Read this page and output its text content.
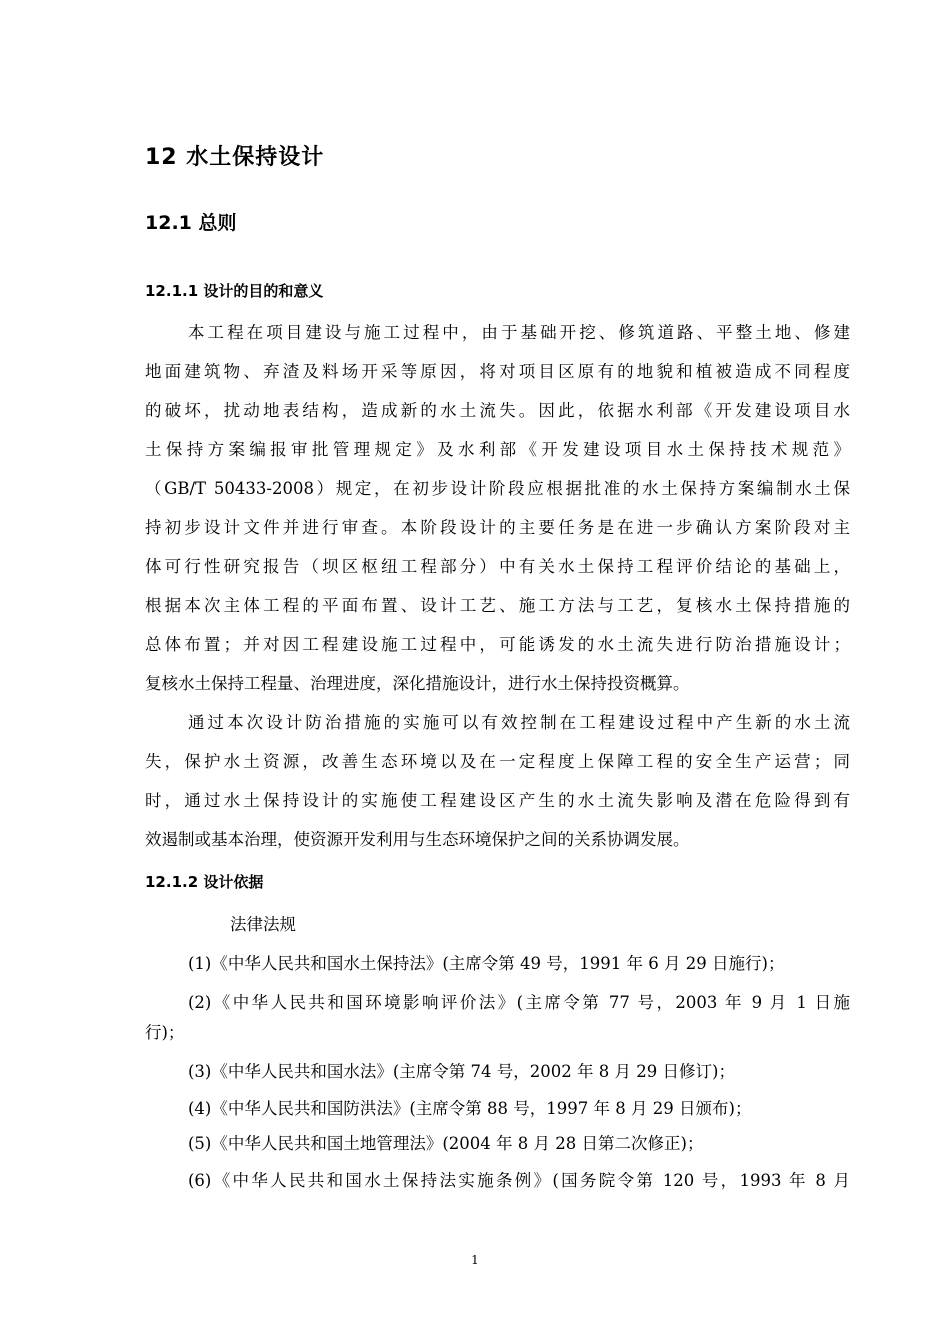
12 水土保持设计
12.1 总则
12.1.1 设计的目的和意义
本工程在项目建设与施工过程中，由于基础开挖、修筑道路、平整土地、修建
地面建筑物、弃渣及料场开采等原因，将对项目区原有的地貌和植被造成不同程度
的破坏，扰动地表结构，造成新的水土流失。因此，依据水利部《开发建设项目水
土保持方案编报审批管理规定》及水利部《开发建设项目水土保持技术规范》
（GB/T 50433-2008）规定，在初步设计阶段应根据批准的水土保持方案编制水土保
持初步设计文件并进行审查。本阶段设计的主要任务是在进一步确认方案阶段对主
体可行性研究报告（坝区枢纽工程部分）中有关水土保持工程评价结论的基础上，
根据本次主体工程的平面布置、设计工艺、施工方法与工艺，复核水土保持措施的
总体布置；并对因工程建设施工过程中，可能诱发的水土流失进行防治措施设计；
复核水土保持工程量、治理进度，深化措施设计，进行水土保持投资概算。
通过本次设计防治措施的实施可以有效控制在工程建设过程中产生新的水土流
失，保护水土资源，改善生态环境以及在一定程度上保障工程的安全生产运营；同
时，通过水土保持设计的实施使工程建设区产生的水土流失影响及潜在危险得到有
效遏制或基本治理，使资源开发利用与生态环境保护之间的关系协调发展。
12.1.2 设计依据
法律法规
(1)《中华人民共和国水土保持法》(主席令第 49 号，1991 年 6 月 29 日施行)；
(2)《中华人民共和国环境影响评价法》(主席令第 77 号，2003 年 9 月 1 日施
行)；
(3)《中华人民共和国水法》(主席令第 74 号，2002 年 8 月 29 日修订)；
(4)《中华人民共和国防洪法》(主席令第 88 号，1997 年 8 月 29 日颁布)；
(5)《中华人民共和国土地管理法》(2004 年 8 月 28 日第二次修正)；
(6)《中华人民共和国水土保持法实施条例》(国务院令第 120 号，1993 年 8 月
1
